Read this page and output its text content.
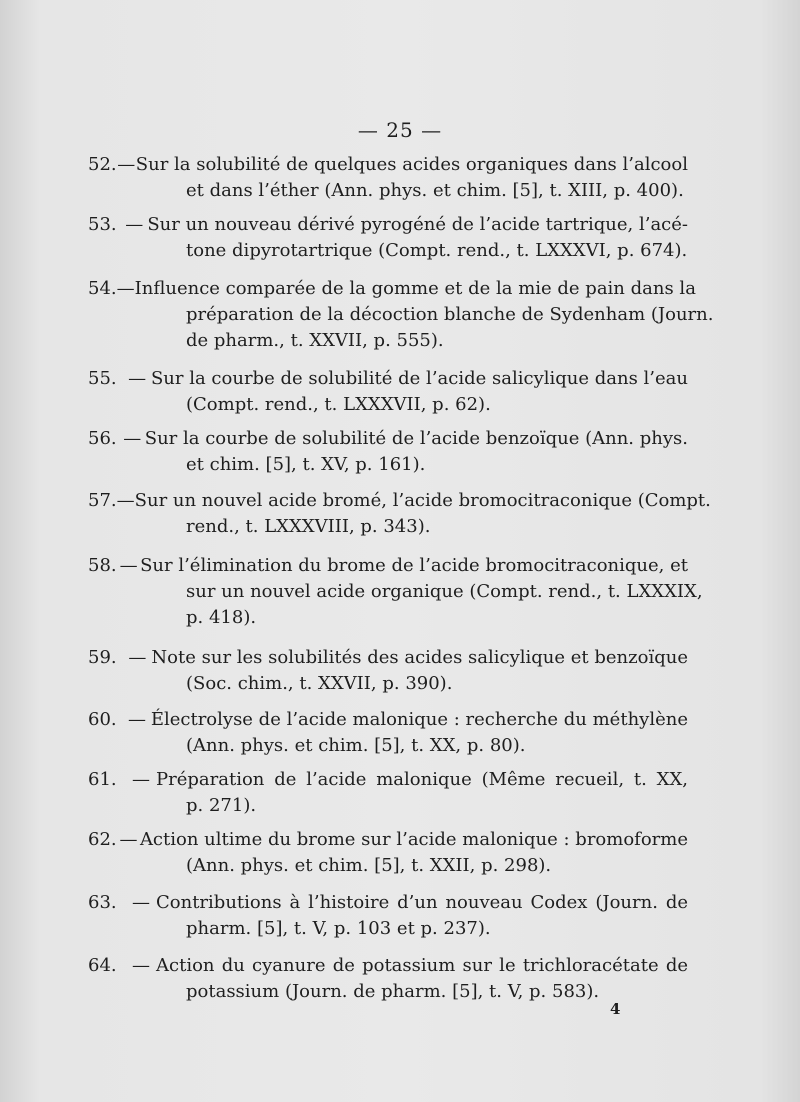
— 25 —
52. — Sur la solubilité de quelques acides organiques dans l’alcool
et dans l’éther (Ann. phys. et chim. [5], t. XIII, p. 400).
53. — Sur un nouveau dérivé pyrogéné de l’acide tartrique, l’acé-
tone dipyrotartrique (Compt. rend., t. LXXXVI, p. 674).
54. — Influence comparée de la gomme et de la mie de pain dans la
préparation de la décoction blanche de Sydenham (Journ.
de pharm., t. XXVII, p. 555).
55. — Sur la courbe de solubilité de l’acide salicylique dans l’eau
(Compt. rend., t. LXXXVII, p. 62).
56. — Sur la courbe de solubilité de l’acide benzoïque (Ann. phys.
et chim. [5], t. XV, p. 161).
57. — Sur un nouvel acide bromé, l’acide bromocitraconique (Compt.
rend., t. LXXXVIII, p. 343).
58. — Sur l’élimination du brome de l’acide bromocitraconique, et
sur un nouvel acide organique (Compt. rend., t. LXXXIX,
p. 418).
59. — Note sur les solubilités des acides salicylique et benzoïque
(Soc. chim., t. XXVII, p. 390).
60. — Électrolyse de l’acide malonique : recherche du méthylène
(Ann. phys. et chim. [5], t. XX, p. 80).
61. — Préparation de l’acide malonique (Même recueil, t. XX,
p. 271).
62. — Action ultime du brome sur l’acide malonique : bromoforme
(Ann. phys. et chim. [5], t. XXII, p. 298).
63. — Contributions à l’histoire d’un nouveau Codex (Journ. de
pharm. [5], t. V, p. 103 et p. 237).
64. — Action du cyanure de potassium sur le trichloracétate de
potassium (Journ. de pharm. [5], t. V, p. 583).
4
